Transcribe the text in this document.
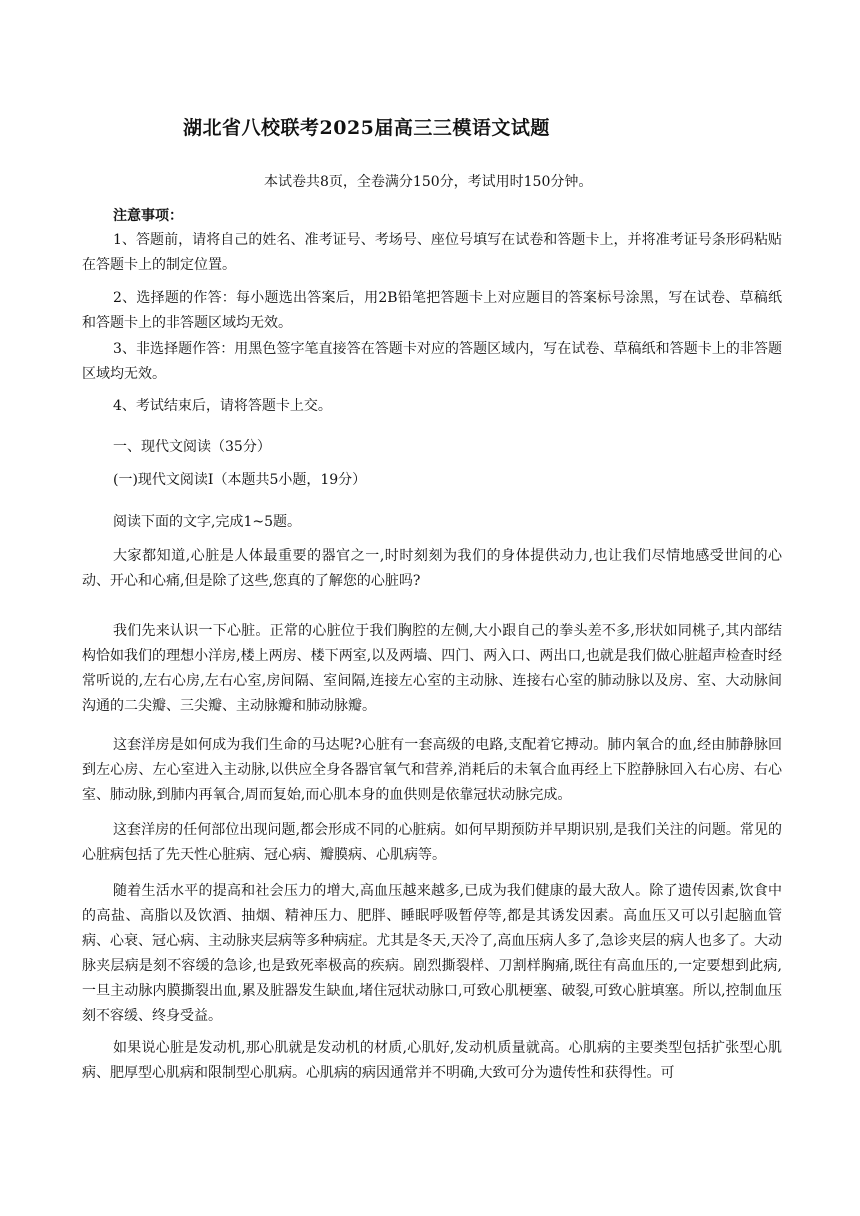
湖北省八校联考2025届高三三模语文试题
本试卷共8页，全卷满分150分，考试用时150分钟。
注意事项：
1、答题前，请将自己的姓名、准考证号、考场号、座位号填写在试卷和答题卡上，并将准考证号条形码粘贴在答题卡上的制定位置。
2、选择题的作答：每小题选出答案后，用2B铅笔把答题卡上对应题目的答案标号涂黑，写在试卷、草稿纸和答题卡上的非答题区域均无效。
3、非选择题作答：用黑色签字笔直接答在答题卡对应的答题区域内，写在试卷、草稿纸和答题卡上的非答题区域均无效。
4、考试结束后，请将答题卡上交。
一、现代文阅读（35分）
(一)现代文阅读Ⅰ（本题共5小题，19分）
阅读下面的文字,完成1~5题。
大家都知道,心脏是人体最重要的器官之一,时时刻刻为我们的身体提供动力,也让我们尽情地感受世间的心动、开心和心痛,但是除了这些,您真的了解您的心脏吗?
我们先来认识一下心脏。正常的心脏位于我们胸腔的左侧,大小跟自己的拳头差不多,形状如同桃子,其内部结构恰如我们的理想小洋房,楼上两房、楼下两室,以及两墙、四门、两入口、两出口,也就是我们做心脏超声检查时经常听说的,左右心房,左右心室,房间隔、室间隔,连接左心室的主动脉、连接右心室的肺动脉以及房、室、大动脉间沟通的二尖瓣、三尖瓣、主动脉瓣和肺动脉瓣。
这套洋房是如何成为我们生命的马达呢?心脏有一套高级的电路,支配着它搏动。肺内氧合的血,经由肺静脉回到左心房、左心室进入主动脉,以供应全身各器官氧气和营养,消耗后的未氧合血再经上下腔静脉回入右心房、右心室、肺动脉,到肺内再氧合,周而复始,而心肌本身的血供则是依靠冠状动脉完成。
这套洋房的任何部位出现问题,都会形成不同的心脏病。如何早期预防并早期识别,是我们关注的问题。常见的心脏病包括了先天性心脏病、冠心病、瓣膜病、心肌病等。
随着生活水平的提高和社会压力的增大,高血压越来越多,已成为我们健康的最大敌人。除了遗传因素,饮食中的高盐、高脂以及饮酒、抽烟、精神压力、肥胖、睡眠呼吸暂停等,都是其诱发因素。高血压又可以引起脑血管病、心衰、冠心病、主动脉夹层病等多种病症。尤其是冬天,天冷了,高血压病人多了,急诊夹层的病人也多了。大动脉夹层病是刻不容缓的急诊,也是致死率极高的疾病。剧烈撕裂样、刀割样胸痛,既往有高血压的,一定要想到此病,一旦主动脉内膜撕裂出血,累及脏器发生缺血,堵住冠状动脉口,可致心肌梗塞、破裂,可致心脏填塞。所以,控制血压刻不容缓、终身受益。
如果说心脏是发动机,那心肌就是发动机的材质,心肌好,发动机质量就高。心肌病的主要类型包括扩张型心肌病、肥厚型心肌病和限制型心肌病。心肌病的病因通常并不明确,大致可分为遗传性和获得性。可
